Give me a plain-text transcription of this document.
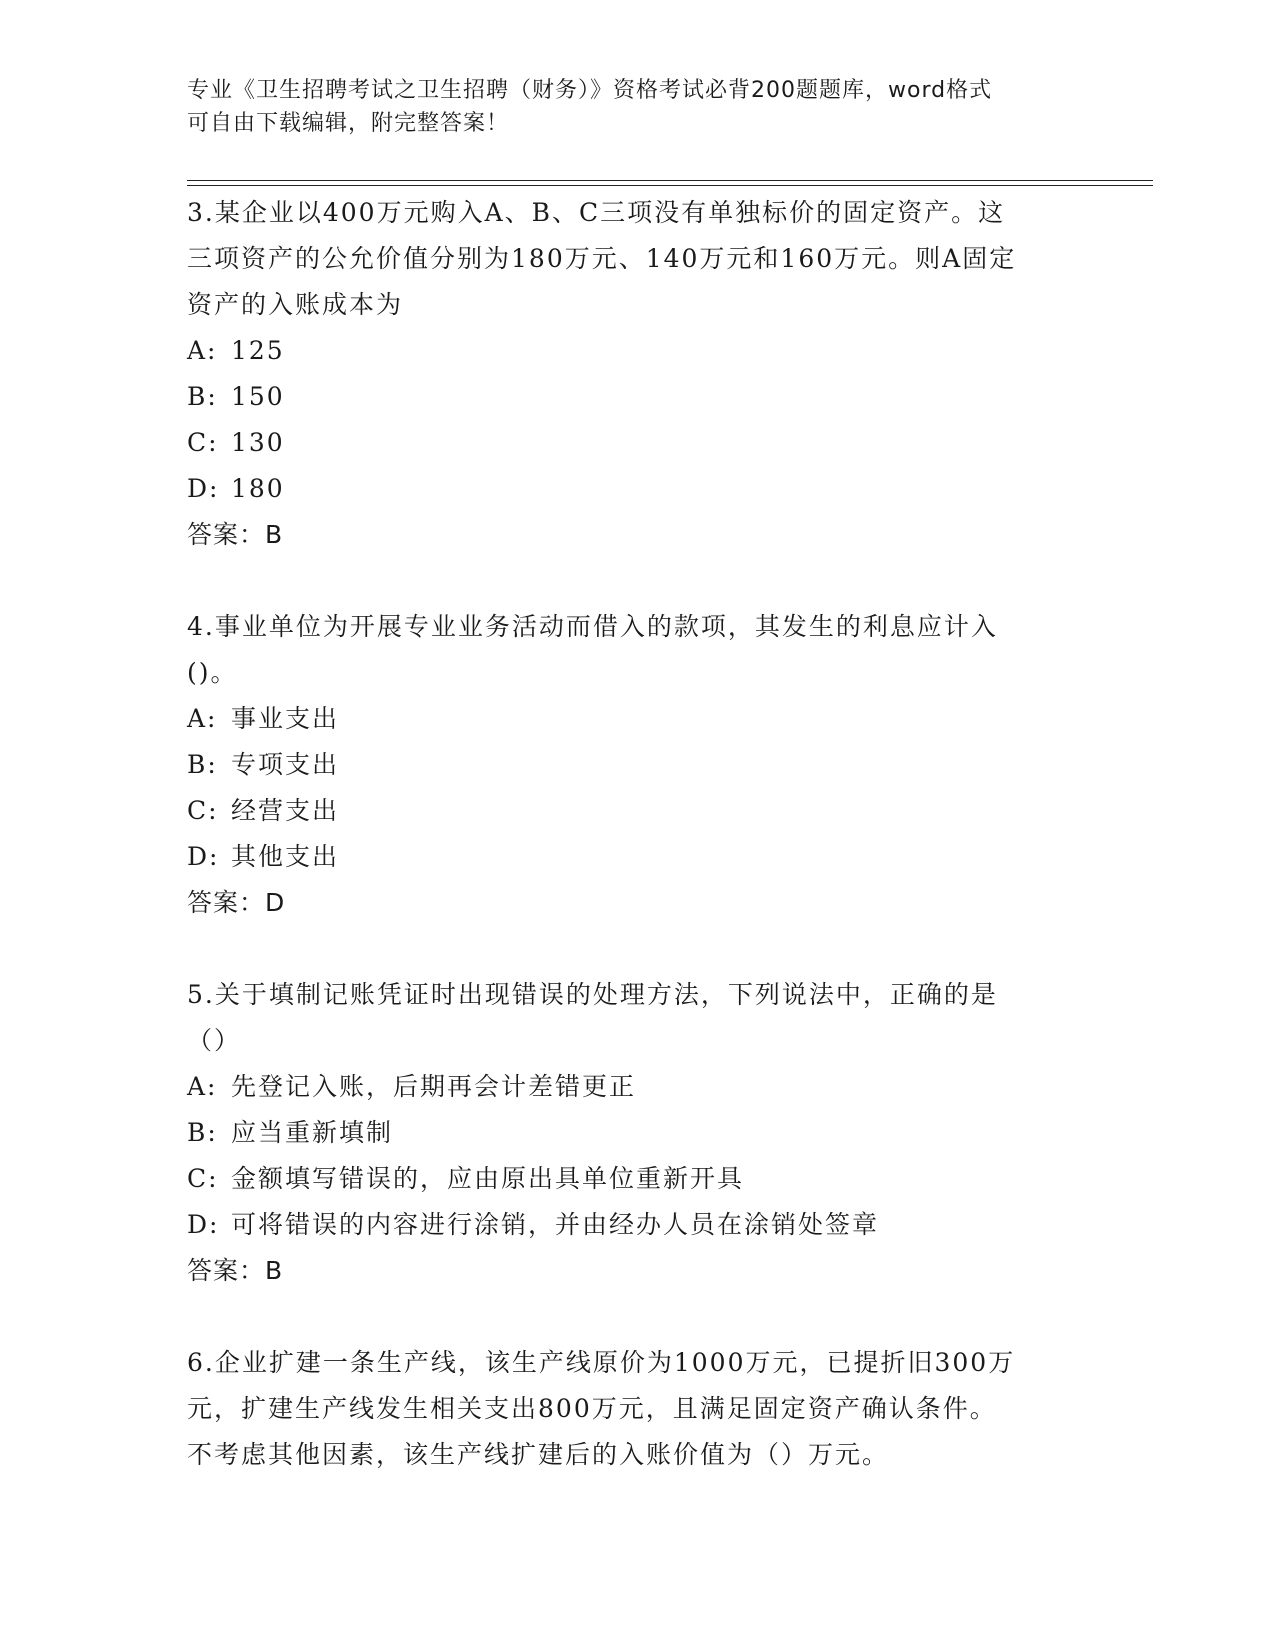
专业《卫生招聘考试之卫生招聘（财务）》资格考试必背200题题库，word格式
可自由下载编辑，附完整答案！
3.某企业以400万元购入A、B、C三项没有单独标价的固定资产。这
三项资产的公允价值分别为180万元、140万元和160万元。则A固定
资产的入账成本为
A: 125
B: 150
C: 130
D: 180
答案：B
4.事业单位为开展专业业务活动而借入的款项，其发生的利息应计入
()。
A: 事业支出
B: 专项支出
C: 经营支出
D: 其他支出
答案：D
5.关于填制记账凭证时出现错误的处理方法，下列说法中，正确的是
（）
A: 先登记入账，后期再会计差错更正
B: 应当重新填制
C: 金额填写错误的，应由原出具单位重新开具
D: 可将错误的内容进行涂销，并由经办人员在涂销处签章
答案：B
6.企业扩建一条生产线，该生产线原价为1000万元，已提折旧300万
元，扩建生产线发生相关支出800万元，且满足固定资产确认条件。
不考虑其他因素，该生产线扩建后的入账价值为（）万元。
